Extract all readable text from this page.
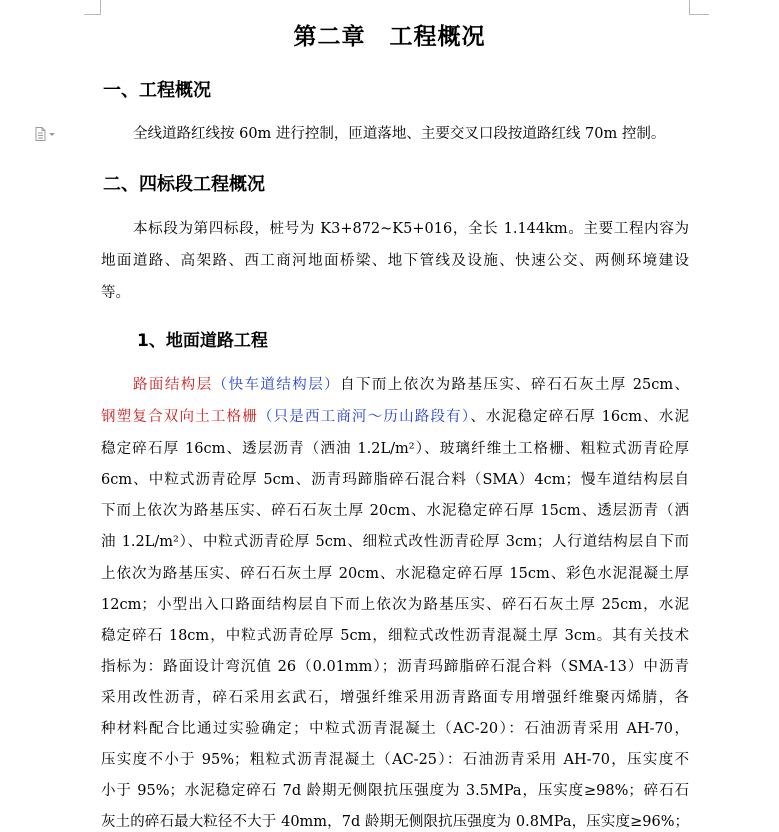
第二章 工程概况
一、工程概况
全线道路红线按 60m 进行控制，匝道落地、主要交叉口段按道路红线 70m 控制。
二、四标段工程概况
本标段为第四标段，桩号为 K3+872~K5+016，全长 1.144km。主要工程内容为
地面道路、高架路、西工商河地面桥梁、地下管线及设施、快速公交、两侧环境建设
等。
1、地面道路工程
路面结构层（快车道结构层）自下而上依次为路基压实、碎石石灰土厚 25cm、
钢塑复合双向土工格栅（只是西工商河～历山路段有）、水泥稳定碎石厚 16cm、水泥
稳定碎石厚 16cm、透层沥青（洒油 1.2L/m²）、玻璃纤维土工格栅、粗粒式沥青砼厚
6cm、中粒式沥青砼厚 5cm、沥青玛蹄脂碎石混合料（SMA）4cm；慢车道结构层自
下而上依次为路基压实、碎石石灰土厚 20cm、水泥稳定碎石厚 15cm、透层沥青（洒
油 1.2L/m²）、中粒式沥青砼厚 5cm、细粒式改性沥青砼厚 3cm；人行道结构层自下而
上依次为路基压实、碎石石灰土厚 20cm、水泥稳定碎石厚 15cm、彩色水泥混凝土厚
12cm；小型出入口路面结构层自下而上依次为路基压实、碎石石灰土厚 25cm，水泥
稳定碎石 18cm，中粒式沥青砼厚 5cm，细粒式改性沥青混凝土厚 3cm。其有关技术
指标为：路面设计弯沉值 26（0.01mm）；沥青玛蹄脂碎石混合料（SMA-13）中沥青
采用改性沥青，碎石采用玄武石，增强纤维采用沥青路面专用增强纤维聚丙烯腈，各
种材料配合比通过实验确定；中粒式沥青混凝土（AC-20）：石油沥青采用 AH-70，
压实度不小于 95%；粗粒式沥青混凝土（AC-25）：石油沥青采用 AH-70，压实度不
小于 95%；水泥稳定碎石 7d 龄期无侧限抗压强度为 3.5MPa，压实度≥98%；碎石石
灰土的碎石最大粒径不大于 40mm，7d 龄期无侧限抗压强度为 0.8MPa，压实度≥96%；
